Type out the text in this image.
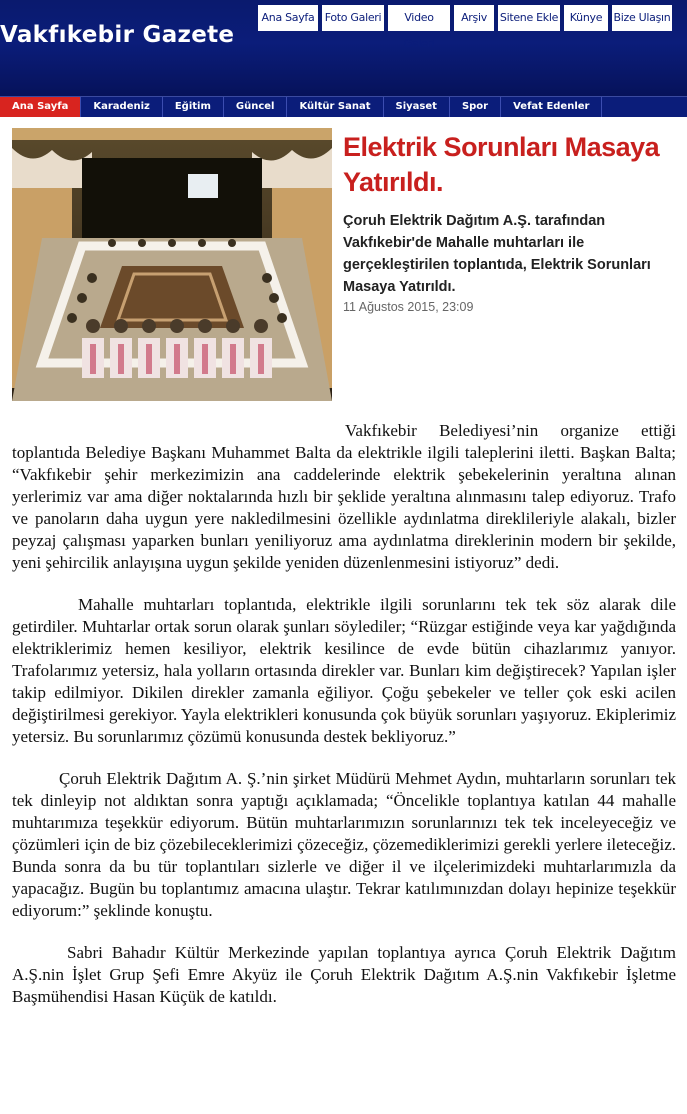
Vakfıkebir Gazete
Ana Sayfa Foto Galeri	Video Galeri
Arşiv	Sitene Ekle	Künye	Bize Ulaşın
Ana Sayfa	Karadeniz	Eğitim	Güncel	Kültür Sanat	Siyaset	Spor	Vefat Edenler
Elektrik Sorunları Masaya Yatırıldı.

Çoruh Elektrik Dağıtım A.Ş. tarafından Vakfıkebir'de Mahalle muhtarları ile gerçekleştirilen toplantıda, Elektrik Sorunları Masaya Yatırıldı.

11 Ağustos 2015, 23:09

Vakfıkebir Belediyesi’nin organize ettiği toplantıda Belediye Başkanı Muhammet Balta da elektrikle ilgili taleplerini iletti. Başkan Balta; “Vakfıkebir şehir merkezimizin ana caddelerinde elektrik şebekelerinin yeraltına alınan yerlerimiz var ama diğer noktalarında hızlı bir şeklide yeraltına alınmasını talep ediyoruz. Trafo ve panoların daha uygun yere nakledilmesini özellikle aydınlatma direklileriyle alakalı, bizler peyzaj çalışması yaparken bunları yeniliyoruz ama aydınlatma direklerinin modern bir şekilde, yeni şehircilik anlayışına uygun şekilde yeniden düzenlenmesini istiyoruz” dedi.

Mahalle muhtarları toplantıda, elektrikle ilgili sorunlarını tek tek söz alarak dile getirdiler. Muhtarlar ortak sorun olarak şunları söylediler; “Rüzgar estiğinde veya kar yağdığında elektriklerimiz hemen kesiliyor, elektrik kesilince de evde bütün cihazlarımız yanıyor. Trafolarımız yetersiz, hala yolların ortasında direkler var. Bunları kim değiştirecek? Yapılan işler takip edilmiyor. Dikilen direkler zamanla eğiliyor. Çoğu şebekeler ve teller çok eski acilen değiştirilmesi gerekiyor. Yayla elektrikleri konusunda çok büyük sorunları yaşıyoruz. Ekiplerimiz yetersiz. Bu sorunlarımız çözümü konusunda destek bekliyoruz.”

Çoruh Elektrik Dağıtım A. Ş.’nin şirket Müdürü Mehmet Aydın, muhtarların sorunları tek tek dinleyip not aldıktan sonra yaptığı açıklamada; “Öncelikle toplantıya katılan 44 mahalle muhtarımıza teşekkür ediyorum. Bütün muhtarlarımızın sorunlarınızı tek tek inceleyeceğiz ve çözümleri için de biz çözebileceklerimizi çözeceğiz, çözemediklerimizi gerekli yerlere ileteceğiz. Bunda sonra da bu tür toplantıları sizlerle ve diğer il ve ilçelerimizdeki muhtarlarımızla da yapacağız. Bugün bu toplantımız amacına ulaştır. Tekrar katılımınızdan dolayı hepinize teşekkür ediyorum:” şeklinde konuştu.

Sabri Bahadır Kültür Merkezinde yapılan toplantıya ayrıca Çoruh Elektrik Dağıtım A.Ş.nin İşlet Grup Şefi Emre Akyüz ile Çoruh Elektrik Dağıtım A.Ş.nin Vakfıkebir İşletme Başmühendisi Hasan Küçük de katıldı.
